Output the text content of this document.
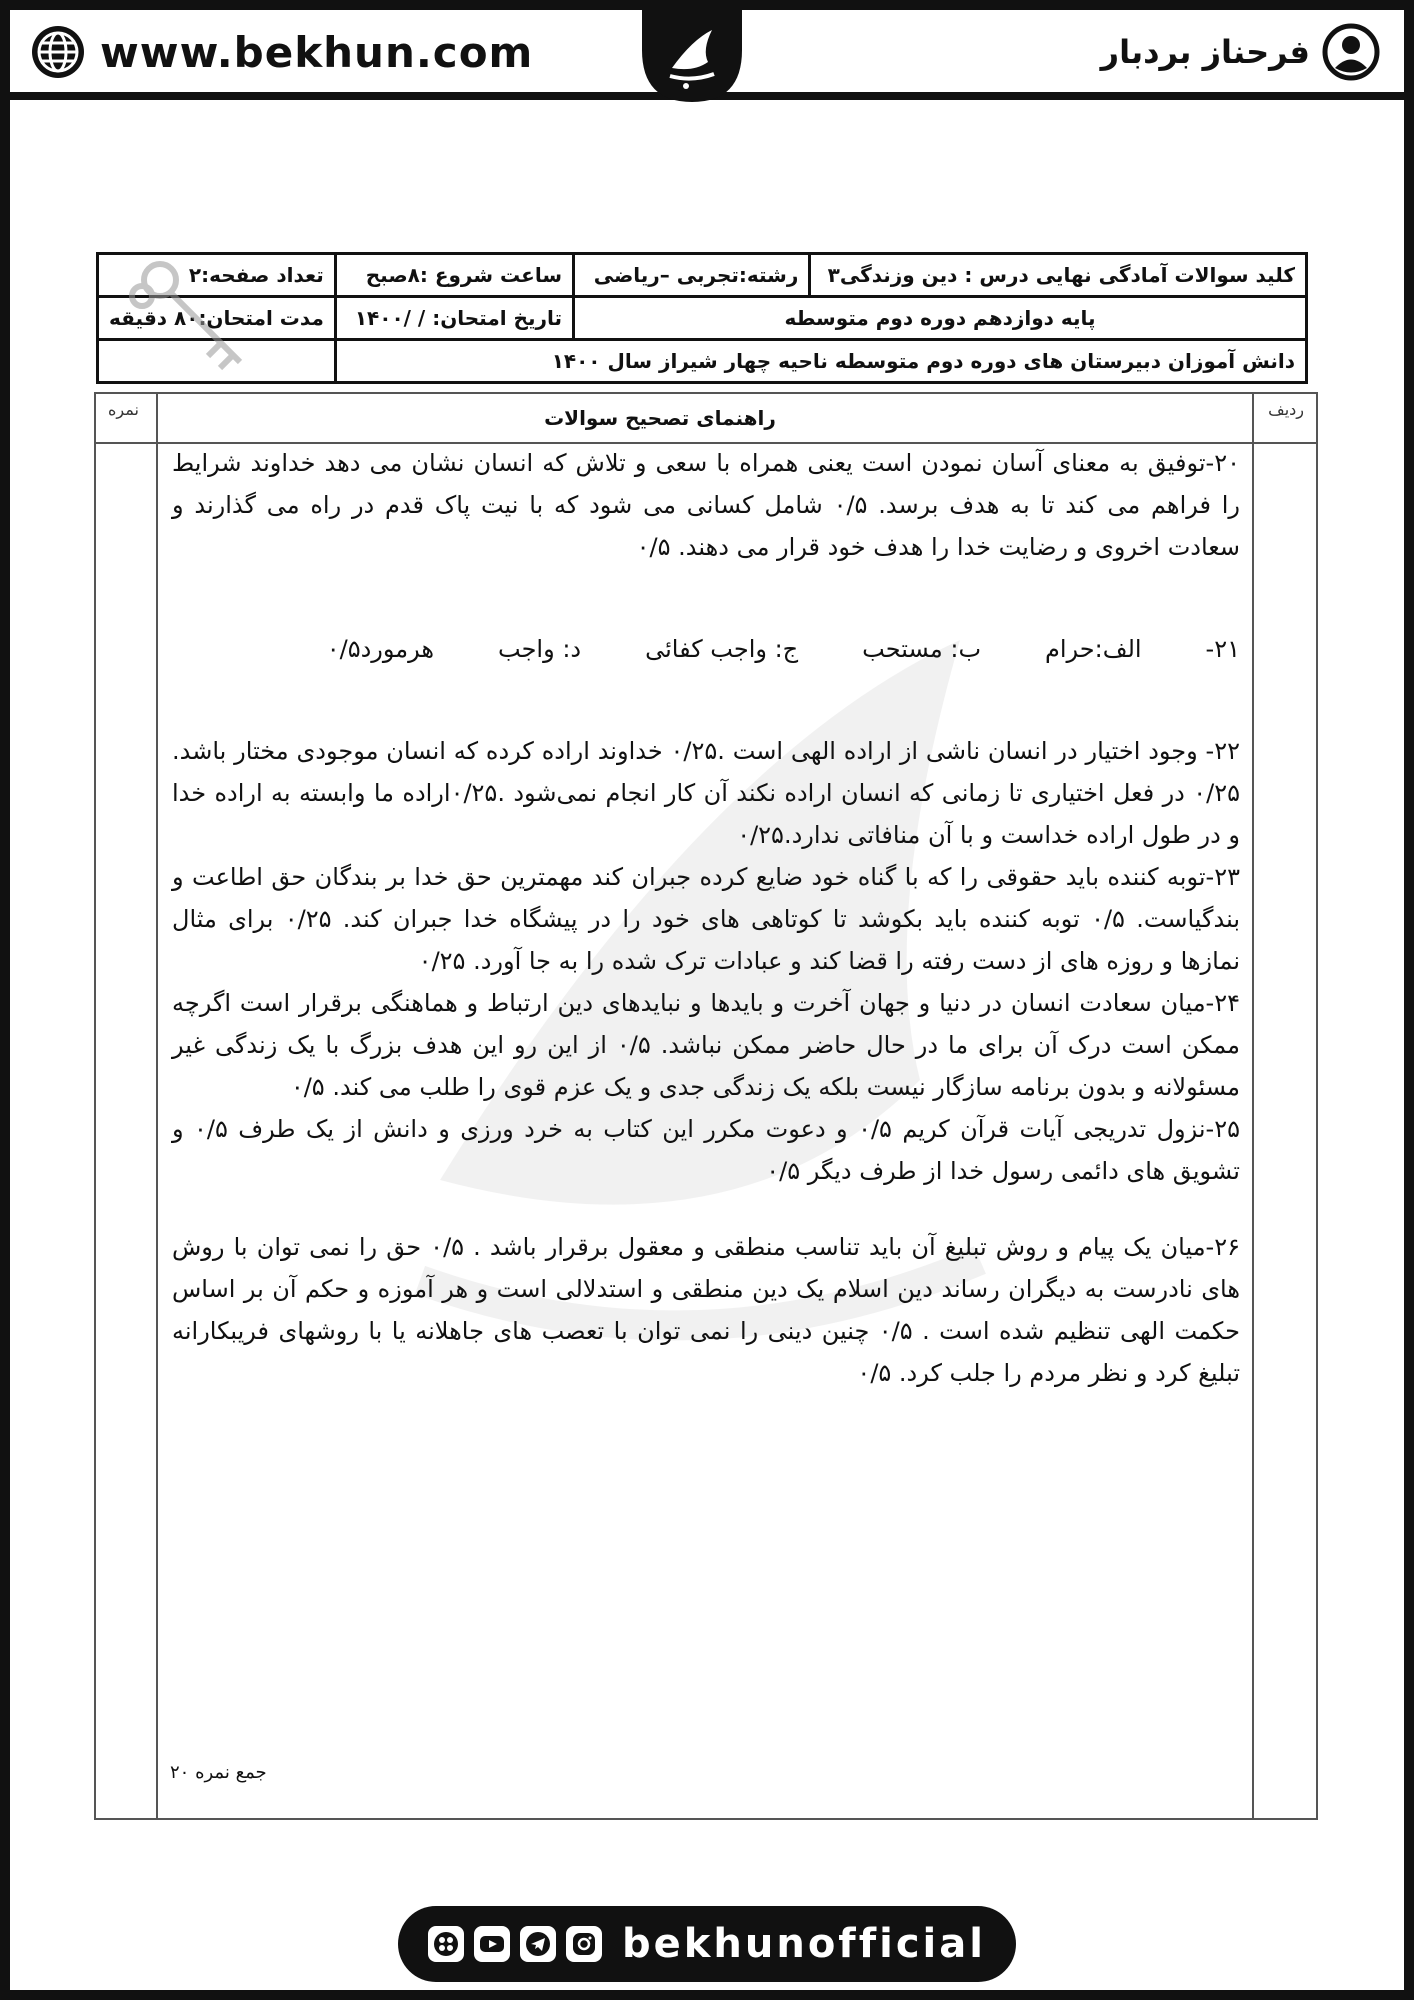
www.bekhun.com	فرحناز بردبار
کلید سوالات آمادگی نهایی درس : دین وزندگی۳	رشته:تجربی –ریاضی	ساعت شروع :۸صبح	تعداد صفحه:۲
پایه دوازدهم دوره دوم متوسطه		تاریخ امتحان: / /۱۴۰۰	مدت امتحان:۸۰ دقیقه
دانش آموزان دبیرستان های دوره دوم متوسطه ناحیه چهار شیراز سال ۱۴۰۰			
نمره	ردیف
راهنمای تصحیح سوالات

۲۰-توفیق به معنای آسان نمودن است یعنی همراه با سعی و تلاش که انسان نشان می دهد خداوند شرایط را فراهم می کند تا به هدف برسد. ۰/۵ شامل کسانی می شود که با نیت پاک قدم در راه می گذارند و سعادت اخروی و رضایت خدا را هدف خود قرار می دهند. ۰/۵

۲۱-
الف:حرام
ب: مستحب
ج: واجب کفائی
د: واجب
هرمورد۰/۵

۲۲- وجود اختیار در انسان ناشی از اراده الهی است .۰/۲۵ خداوند اراده کرده که انسان موجودی مختار باشد. ۰/۲۵ در فعل اختیاری تا زمانی که انسان اراده نکند آن کار انجام نمی‌شود .۰/۲۵اراده ما وابسته به اراده خدا و در طول اراده خداست و با آن منافاتی ندارد.۰/۲۵

۲۳-توبه کننده باید حقوقی را که با گناه خود ضایع کرده جبران کند مهمترین حق خدا بر بندگان حق اطاعت و بندگیاست. ۰/۵ توبه کننده باید بکوشد تا کوتاهی های خود را در پیشگاه خدا جبران کند. ۰/۲۵ برای مثال نمازها و روزه های از دست رفته را قضا کند و عبادات ترک شده را به جا آورد. ۰/۲۵

۲۴-میان سعادت انسان در دنیا و جهان آخرت و بایدها و نبایدهای دین ارتباط و هماهنگی برقرار است اگرچه ممکن است درک آن برای ما در حال حاضر ممکن نباشد. ۰/۵ از این رو این هدف بزرگ با یک زندگی غیر مسئولانه و بدون برنامه سازگار نیست بلکه یک زندگی جدی و یک عزم قوی را طلب می کند. ۰/۵

۲۵-نزول تدریجی آیات قرآن کریم ۰/۵ و دعوت مکرر این کتاب به خرد ورزی و دانش از یک طرف ۰/۵ و تشویق های دائمی رسول خدا از طرف دیگر ۰/۵

۲۶-میان یک پیام و روش تبلیغ آن باید تناسب منطقی و معقول برقرار باشد . ۰/۵ حق را نمی توان با روش های نادرست به دیگران رساند دین اسلام یک دین منطقی و استدلالی است و هر آموزه و حکم آن بر اساس حکمت الهی تنظیم شده است . ۰/۵ چنین دینی را نمی توان با تعصب های جاهلانه یا با روشهای فریبکارانه تبلیغ کرد و نظر مردم را جلب کرد. ۰/۵

جمع نمره ۲۰
bekhunofficial
